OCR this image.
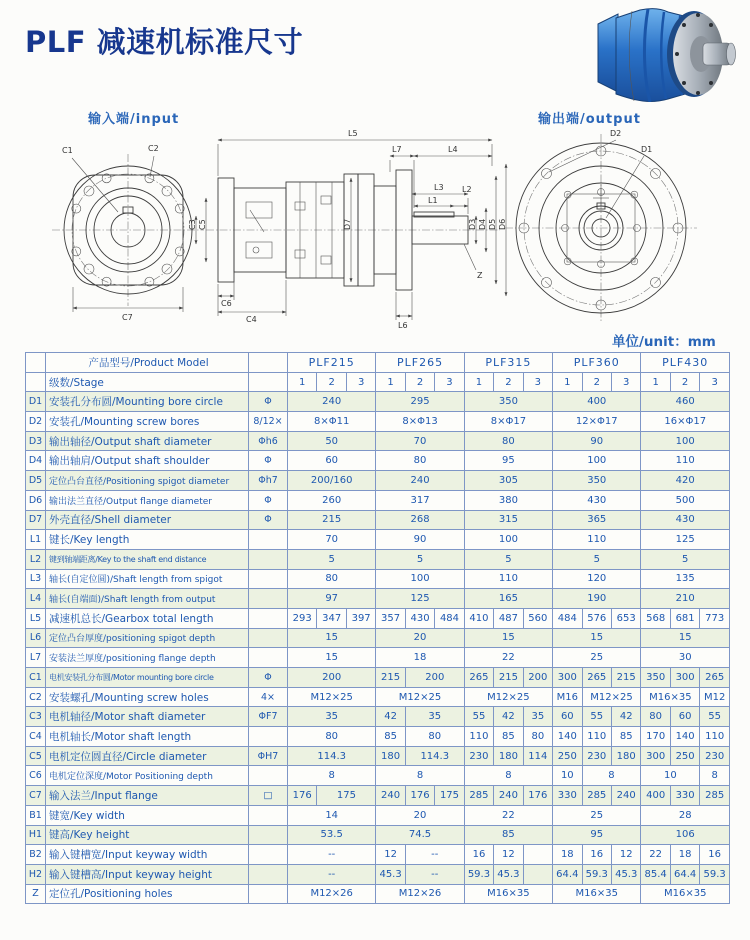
PLF 减速机标准尺寸
输入端/input	输出端/output
C1	C2
C7
L5
L7	L4
L3
L1
L2
Z
D7
C5
C3
C6
C4
L6
D3 D4 D5 D6
D2
D1
单位/unit：mm
	产品型号/Product Model		PLF215			PLF265			PLF315			PLF360			PLF430		
	级数/Stage		1	2	3	1	2	3	1	2	3	1	2	3	1	2	3
D1	安装孔分布圆/Mounting bore circle	Φ	240			295			350			400			460		
D2	安装孔/Mounting screw bores	8/12×	8×Φ11			8×Φ13			8×Φ17			12×Φ17			16×Φ17		
D3	输出轴径/Output shaft diameter	Φh6	50			70			80			90			100		
D4	输出轴肩/Output shaft shoulder	Φ	60			80			95			100			110		
D5	定位凸台直径/Positioning spigot diameter	Φh7	200/160			240			305			350			420		
D6	输出法兰直径/Output flange diameter	Φ	260			317			380			430			500		
D7	外壳直径/Shell diameter	Φ	215			268			315			365			430		
L1	键长/Key length		70			90			100			110			125		
L2	键到轴端距离/Key to the shaft end distance		5			5			5			5			5		
L3	轴长(自定位圆)/Shaft length from spigot		80			100			110			120			135		
L4	轴长(自端面)/Shaft length from output		97			125			165			190			210		
L5	减速机总长/Gearbox total length		293	347	397	357	430	484	410	487	560	484	576	653	568	681	773
L6	定位凸台厚度/positioning spigot depth		15			20			15			15			15		
L7	安装法兰厚度/positioning flange depth		15			18			22			25			30		
C1	电机安装孔分布圆/Motor mounting bore circle	Φ	200			215	200		265	215	200	300	265	215	350	300	265
C2	安装螺孔/Mounting screw holes	4×	M12×25			M12×25			M12×25			M16	M12×25		M16×35		M12
C3	电机轴径/Motor shaft diameter	ΦF7	35			42	35		55	42	35	60	55	42	80	60	55
C4	电机轴长/Motor shaft length		80			85	80		110	85	80	140	110	85	170	140	110
C5	电机定位圆直径/Circle diameter	ΦH7	114.3			180	114.3		230	180	114	250	230	180	300	250	230
C6	电机定位深度/Motor Positioning depth		8			8			8			10	8		10		8
C7	输入法兰/Input flange	□	176	175		240	176	175	285	240	176	330	285	240	400	330	285
B1	键宽/Key width		14			20			22			25			28		
H1	键高/Key height		53.5			74.5			85			95			106		
B2	输入键槽宽/Input keyway width		--			12	--		16	12		18	16	12	22	18	16
H2	输入键槽高/Input keyway height		--			45.3	--		59.3	45.3		64.4	59.3	45.3	85.4	64.4	59.3
Z	定位孔/Positioning holes		M12×26			M12×26			M16×35			M16×35			M16×35		
